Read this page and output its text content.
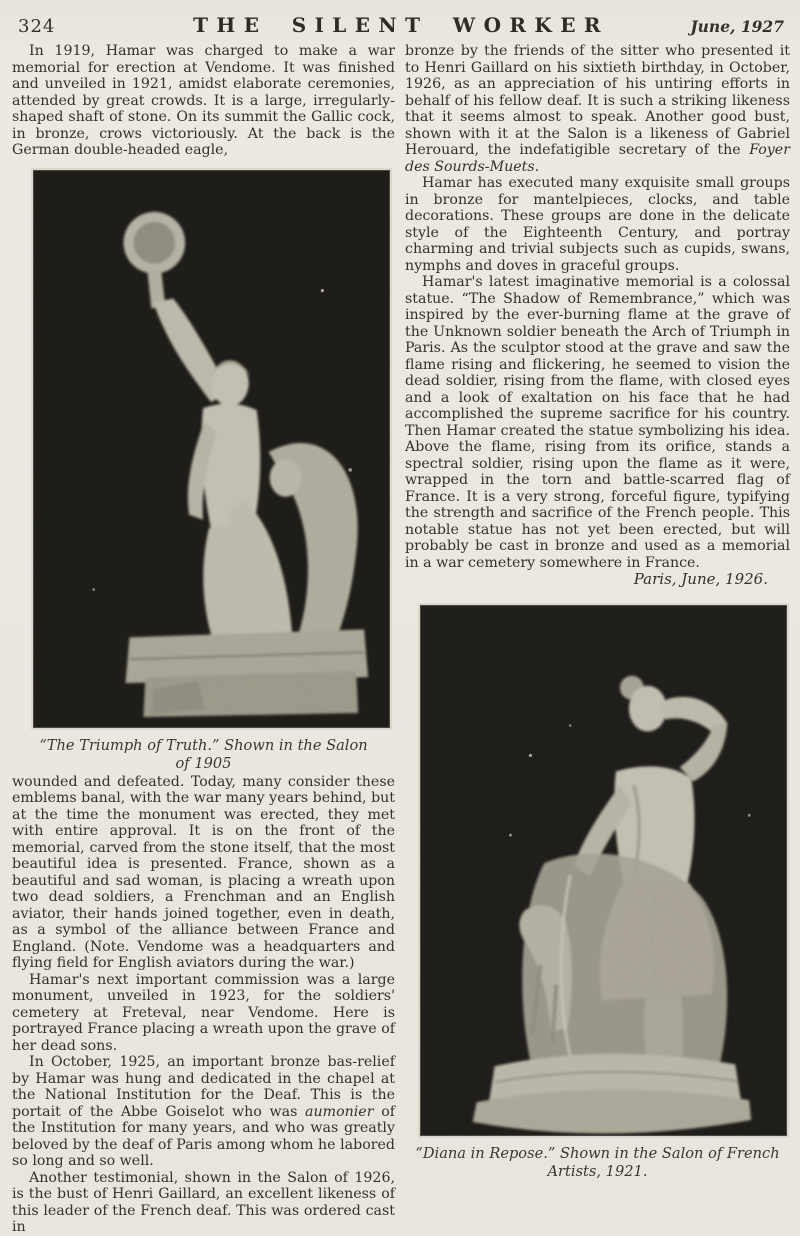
324	THE SILENT WORKER	June, 1927

In 1919, Hamar was charged to make a war memorial for erection at Vendome. It was finished and unveiled in 1921, amidst elaborate ceremonies, attended by great crowds. It is a large, irregularly-shaped shaft of stone. On its summit the Gallic cock, in bronze, crows victoriously. At the back is the German double-headed eagle,

“The Triumph of Truth.” Shown in the Salon
of 1905

wounded and defeated. Today, many consider these emblems banal, with the war many years behind, but at the time the monument was erected, they met with entire approval. It is on the front of the memorial, carved from the stone itself, that the most beautiful idea is presented. France, shown as a beautiful and sad woman, is placing a wreath upon two dead soldiers, a Frenchman and an English aviator, their hands joined together, even in death, as a symbol of the alliance between France and England. (Note. Vendome was a headquarters and flying field for English aviators during the war.)

Hamar's next important commission was a large monument, unveiled in 1923, for the soldiers' cemetery at Freteval, near Vendome. Here is portrayed France placing a wreath upon the grave of her dead sons.

In October, 1925, an important bronze bas-relief by Hamar was hung and dedicated in the chapel at the National Institution for the Deaf. This is the portait of the Abbe Goiselot who was aumonier of the Institution for many years, and who was greatly beloved by the deaf of Paris among whom he labored so long and so well.

Another testimonial, shown in the Salon of 1926, is the bust of Henri Gaillard, an excellent likeness of this leader of the French deaf. This was ordered cast in

bronze by the friends of the sitter who presented it to Henri Gaillard on his sixtieth birthday, in October, 1926, as an appreciation of his untiring efforts in behalf of his fellow deaf. It is such a striking likeness that it seems almost to speak. Another good bust, shown with it at the Salon is a likeness of Gabriel Herouard, the indefatigible secretary of the Foyer des Sourds-Muets.

Hamar has executed many exquisite small groups in bronze for mantelpieces, clocks, and table decorations. These groups are done in the delicate style of the Eighteenth Century, and portray charming and trivial subjects such as cupids, swans, nymphs and doves in graceful groups.

Hamar's latest imaginative memorial is a colossal statue. “The Shadow of Remembrance,” which was inspired by the ever-burning flame at the grave of the Unknown soldier beneath the Arch of Triumph in Paris. As the sculptor stood at the grave and saw the flame rising and flickering, he seemed to vision the dead soldier, rising from the flame, with closed eyes and a look of exaltation on his face that he had accomplished the supreme sacrifice for his country. Then Hamar created the statue symbolizing his idea. Above the flame, rising from its orifice, stands a spectral soldier, rising upon the flame as it were, wrapped in the torn and battle-scarred flag of France. It is a very strong, forceful figure, typifying the strength and sacrifice of the French people. This notable statue has not yet been erected, but will probably be cast in bronze and used as a memorial in a war cemetery somewhere in France.

Paris, June, 1926.

“Diana in Repose.” Shown in the Salon of French
Artists, 1921.
